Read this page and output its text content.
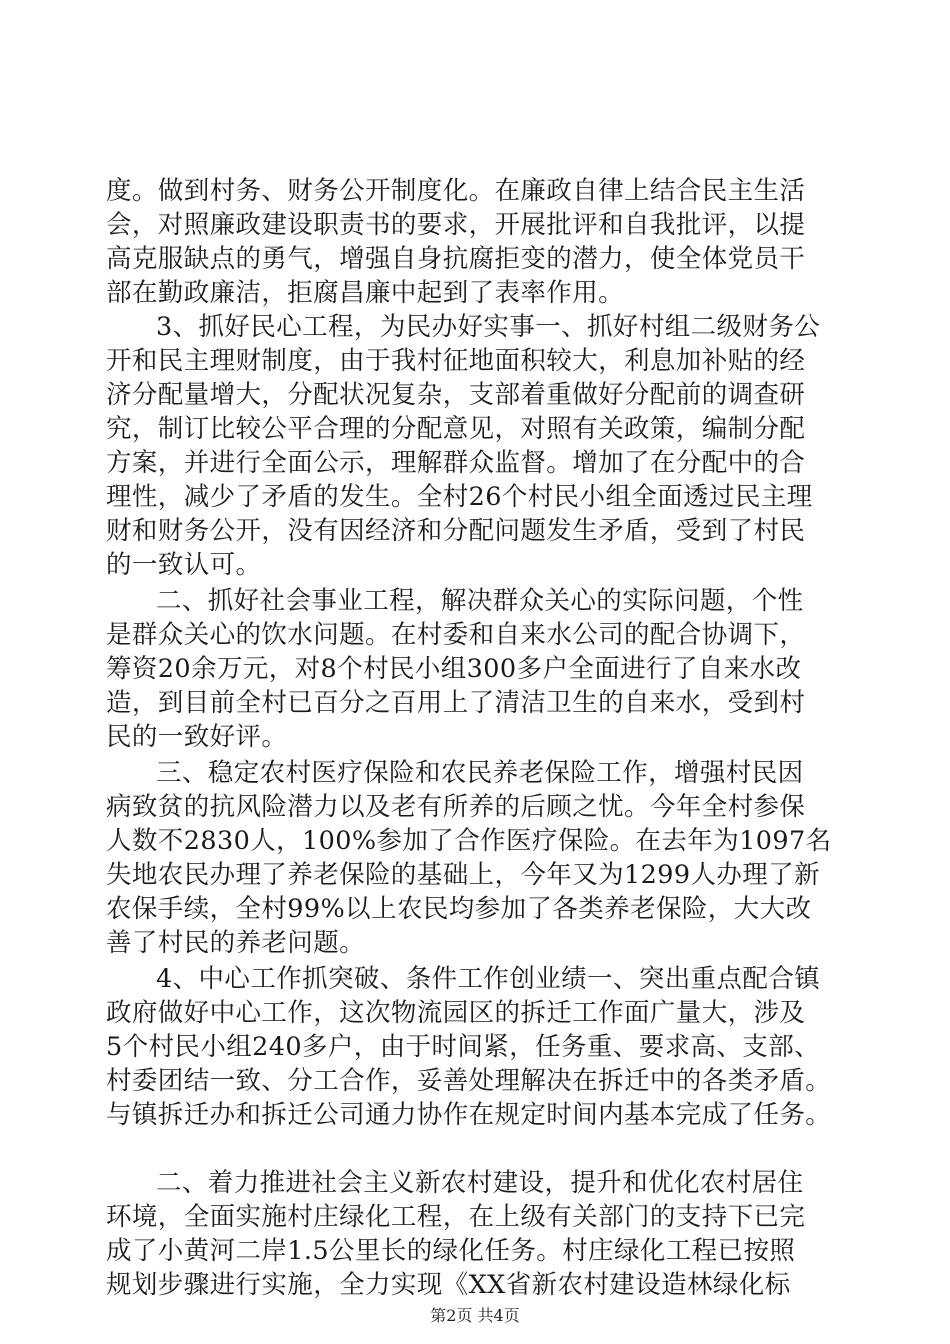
度。做到村务、财务公开制度化。在廉政自律上结合民主生活
会，对照廉政建设职责书的要求，开展批评和自我批评，以提
高克服缺点的勇气，增强自身抗腐拒变的潜力，使全体党员干
部在勤政廉洁，拒腐昌廉中起到了表率作用。
3、抓好民心工程，为民办好实事一、抓好村组二级财务公
开和民主理财制度，由于我村征地面积较大，利息加补贴的经
济分配量增大，分配状况复杂，支部着重做好分配前的调查研
究，制订比较公平合理的分配意见，对照有关政策，编制分配
方案，并进行全面公示，理解群众监督。增加了在分配中的合
理性，减少了矛盾的发生。全村26个村民小组全面透过民主理
财和财务公开，没有因经济和分配问题发生矛盾，受到了村民
的一致认可。
二、抓好社会事业工程，解决群众关心的实际问题，个性
是群众关心的饮水问题。在村委和自来水公司的配合协调下，
筹资20余万元，对8个村民小组300多户全面进行了自来水改
造，到目前全村已百分之百用上了清洁卫生的自来水，受到村
民的一致好评。
三、稳定农村医疗保险和农民养老保险工作，增强村民因
病致贫的抗风险潜力以及老有所养的后顾之忧。今年全村参保
人数不2830人，100%参加了合作医疗保险。在去年为1097名
失地农民办理了养老保险的基础上，今年又为1299人办理了新
农保手续，全村99%以上农民均参加了各类养老保险，大大改
善了村民的养老问题。
4、中心工作抓突破、条件工作创业绩一、突出重点配合镇
政府做好中心工作，这次物流园区的拆迁工作面广量大，涉及
5个村民小组240多户，由于时间紧，任务重、要求高、支部、
村委团结一致、分工合作，妥善处理解决在拆迁中的各类矛盾。
与镇拆迁办和拆迁公司通力协作在规定时间内基本完成了任务。
二、着力推进社会主义新农村建设，提升和优化农村居住
环境，全面实施村庄绿化工程，在上级有关部门的支持下已完
成了小黄河二岸1.5公里长的绿化任务。村庄绿化工程已按照
规划步骤进行实施，全力实现《XX省新农村建设造林绿化标
第2页 共4页
